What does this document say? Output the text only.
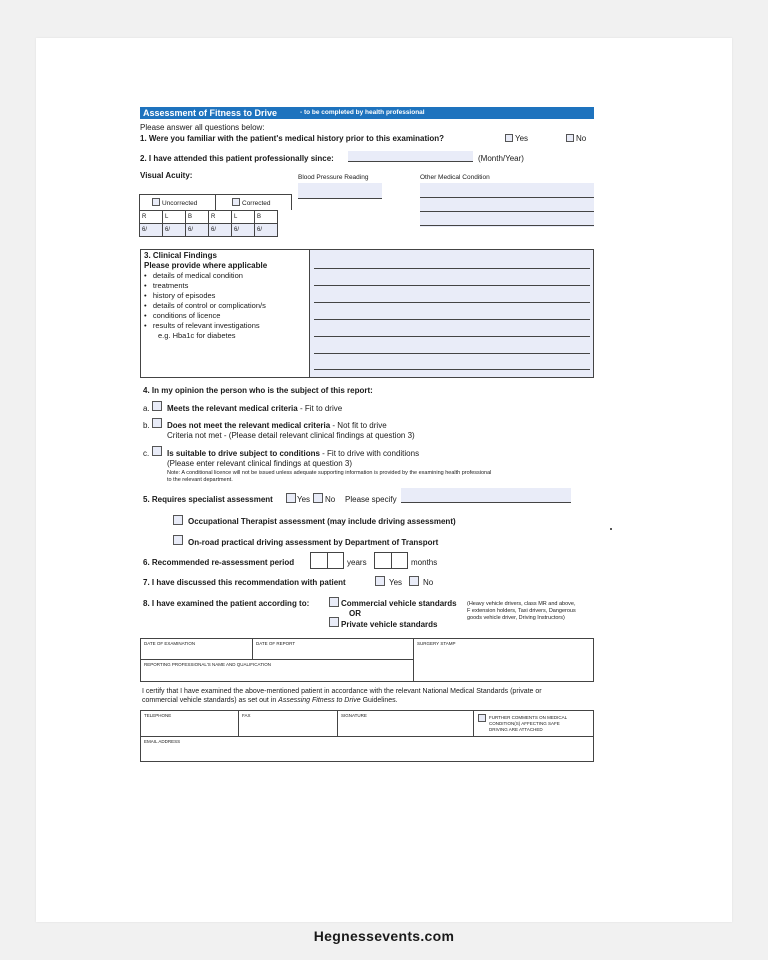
Assessment of Fitness to Drive	- to be completed by health professional
Please answer all questions below:
1. Were you familiar with the patient's medical history prior to this examination?	Yes	No
2. I have attended this patient professionally since:	(Month/Year)
Visual Acuity:	Blood Pressure Reading	Other Medical Condition
Uncorrected	Corrected
R	L	B	R	L	B
6/	6/	6/	6/	6/	6/
3. Clinical Findings
Please provide where applicable
•   details of medical condition
•   treatments
•   history of episodes
•   details of control or complication/s
•   conditions of licence
•   results of relevant investigations
e.g. Hba1c for diabetes
4. In my opinion the person who is the subject of this report:
a. Meets the relevant medical criteria - Fit to drive
b. Does not meet the relevant medical criteria - Not fit to drive
Criteria not met - (Please detail relevant clinical findings at question 3)
c. Is suitable to drive subject to conditions - Fit to drive with conditions
(Please enter relevant clinical findings at question 3)
Note: A conditional licence will not be issued unless adequate supporting information is provided by the examining health professional
to the relevant department.
5. Requires specialist assessment	Yes No Please specify
Occupational Therapist assessment (may include driving assessment)
On-road practical driving assessment by Department of Transport
6. Recommended re-assessment period	years	months
7. I have discussed this recommendation with patient	Yes	No
8. I have examined the patient according to:	Commercial vehicle standards
OR
Private vehicle standards
(Heavy vehicle drivers, class MR and above,
F extension holders, Taxi drivers, Dangerous
goods vehicle driver, Driving Instructors)
DATE OF EXAMINATION	DATE OF REPORT	SURGERY STAMP
REPORTING PROFESSIONAL'S NAME AND QUALIFICATION
I certify that I have examined the above-mentioned patient in accordance with the relevant National Medical Standards (private or
commercial vehicle standards) as set out in Assessing Fitness to Drive Guidelines.
TELEPHONE	FAX	SIGNATURE	FURTHER COMMENTS ON MEDICAL
CONDITION(S) AFFECTING SAFE
DRIVING ARE ATTACHED
EMAIL ADDRESS
Hegnessevents.com
